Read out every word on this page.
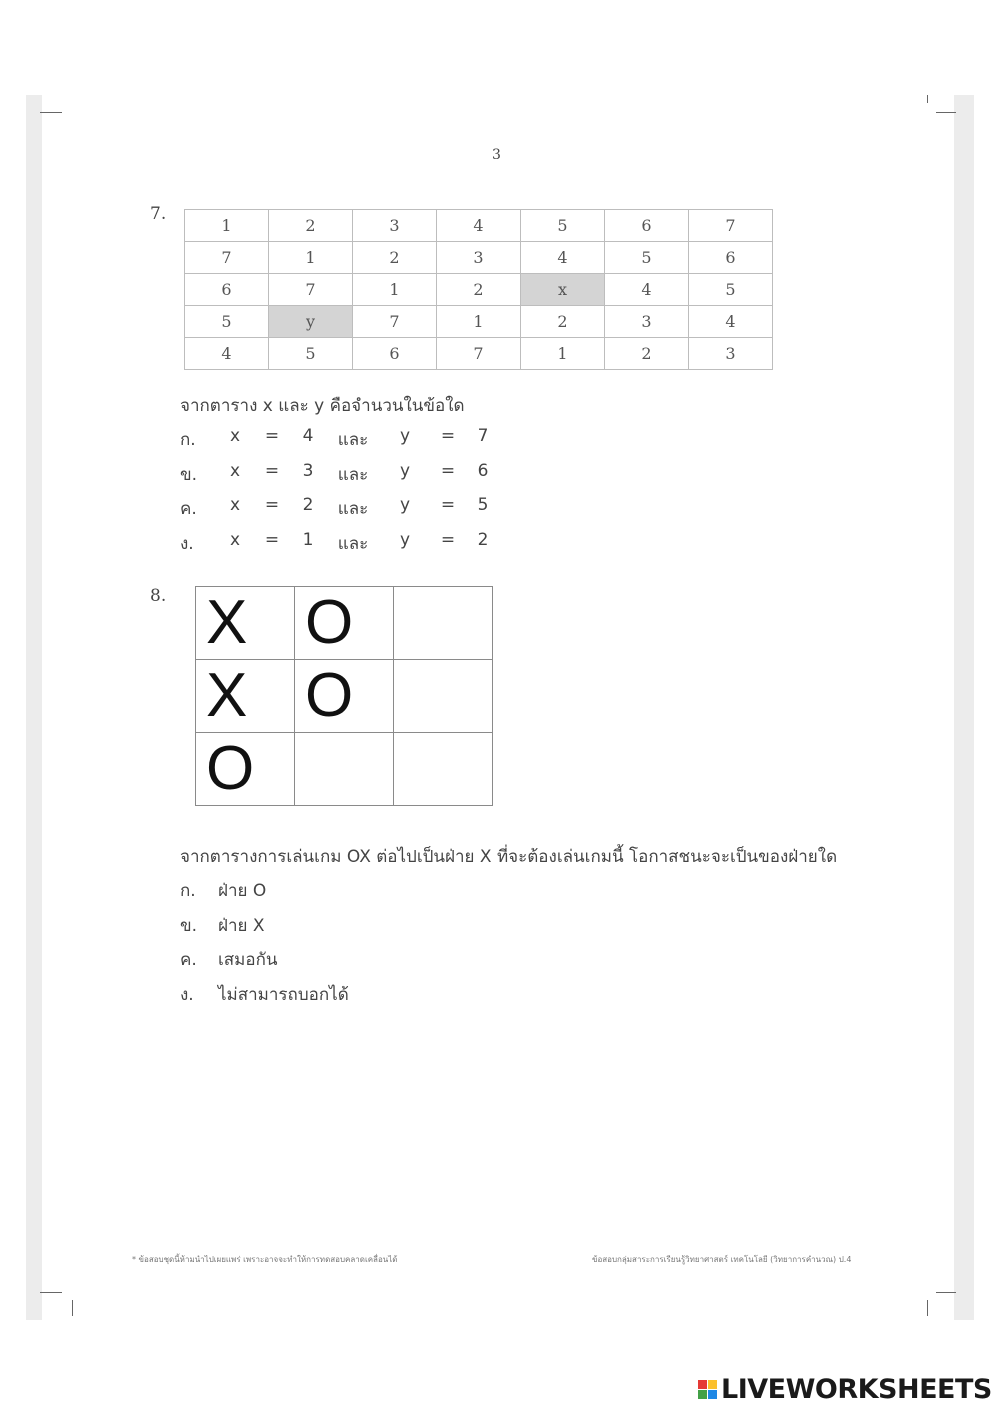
3
7.
1	2	3	4	5	6	7
7	1	2	3	4	5	6
6	7	1	2	x	4	5
5	y	7	1	2	3	4
4	5	6	7	1	2	3
จากตาราง x และ y คือจำนวนในข้อใด
ก.	x	=	4	และ	y	=	7
ข.	x	=	3	และ	y	=	6
ค.	x	=	2	และ	y	=	5
ง.	x	=	1	และ	y	=	2
8. X	O	
X	O	
O		
จากตารางการเล่นเกม OX ต่อไปเป็นฝ่าย X ที่จะต้องเล่นเกมนี้ โอกาสชนะจะเป็นของฝ่ายใด
ก.	ฝ่าย O
ข.	ฝ่าย X
ค.	เสมอกัน
ง.	ไม่สามารถบอกได้
* ข้อสอบชุดนี้ห้ามนำไปเผยแพร่ เพราะอาจจะทำให้การทดสอบคลาดเคลื่อนได้	ข้อสอบกลุ่มสาระการเรียนรู้วิทยาศาสตร์ เทคโนโลยี (วิทยาการคำนวณ) ป.4
LIVEWORKSHEETS
